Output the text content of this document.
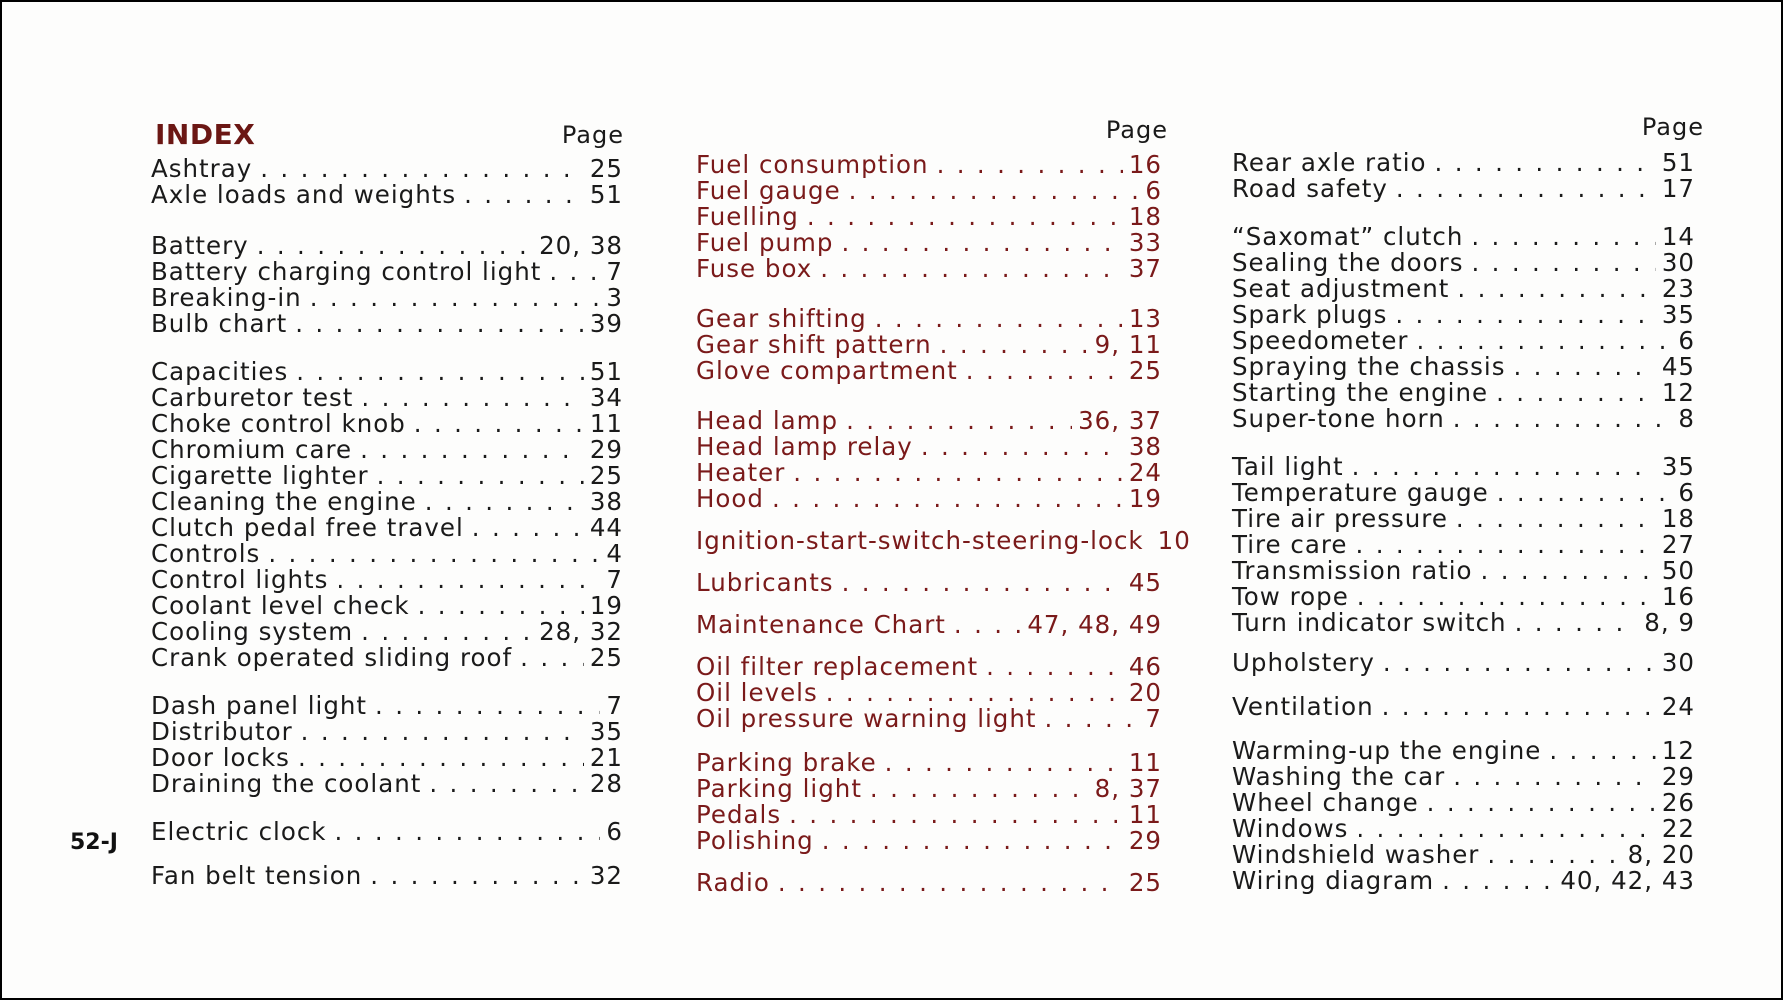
INDEX	Page	Page	Page
Ashtray . . .	25
Axle loads and weights . . .	51
Battery . . .	20, 38
Battery charging control light . . .	7
Breaking-in . . .	3
Bulb chart . . .	39
Capacities . . .	51
Carburetor test . . .	34
Choke control knob . . .	11
Chromium care . . .	29
Cigarette lighter . . .	25
Cleaning the engine . . .	38
Clutch pedal free travel . . .	44
Controls . . .	4
Control lights . . .	7
Coolant level check . . .	19
Cooling system . . .	28, 32
Crank operated sliding roof . . .	25
Dash panel light . . .	7
Distributor . . .	35
Door locks . . .	21
Draining the coolant . . .	28
Electric clock . . .	6
Fan belt tension . . .	32
Fuel consumption . . .	16
Fuel gauge . . .	6
Fuelling . . .	18
Fuel pump . . .	33
Fuse box . . .	37
Gear shifting . . .	13
Gear shift pattern . . .	9, 11
Glove compartment . . .	25
Head lamp . . .	36, 37
Head lamp relay . . .	38
Heater . . .	24
Hood . . .	19
Ignition-start-switch-steering-lock 10
Lubricants . . .	45
Maintenance Chart . . .	47, 48, 49
Oil filter replacement . . .	46
Oil levels . . .	20
Oil pressure warning light . . .	7
Parking brake . . .	11
Parking light . . .	8, 37
Pedals . . .	11
Polishing . . .	29
Radio . . .	25
Rear axle ratio . . .	51
Road safety . . .	17
“Saxomat” clutch . . .	14
Sealing the doors . . .	30
Seat adjustment . . .	23
Spark plugs . . .	35
Speedometer . . .	6
Spraying the chassis . . .	45
Starting the engine . . .	12
Super-tone horn . . .	8
Tail light . . .	35
Temperature gauge . . .	6
Tire air pressure . . .	18
Tire care . . .	27
Transmission ratio . . .	50
Tow rope . . .	16
Turn indicator switch . . .	8, 9
Upholstery . . .	30
Ventilation . . .	24
Warming-up the engine . . .	12
Washing the car . . .	29
Wheel change . . .	26
Windows . . .	22
Windshield washer . . .	8, 20
Wiring diagram . . .	40, 42, 43
52-J
